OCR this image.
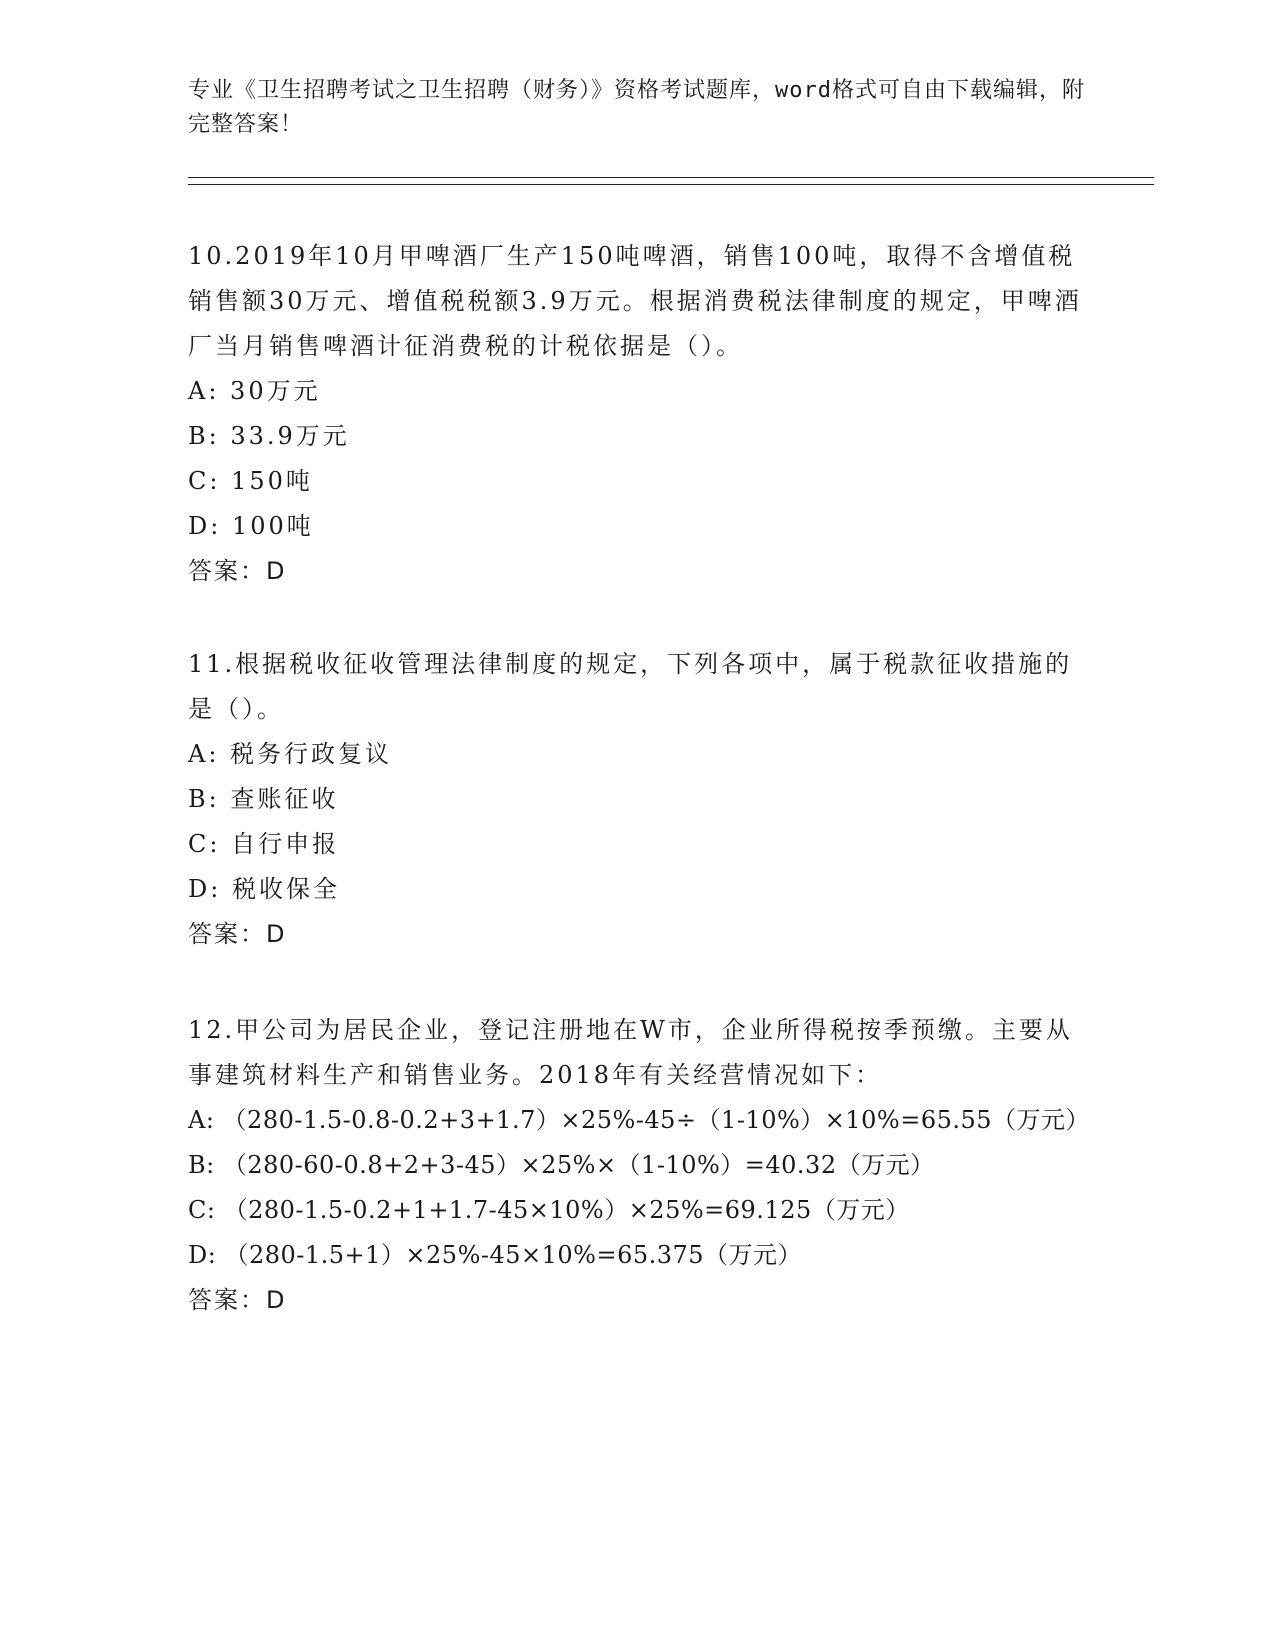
专业《卫生招聘考试之卫生招聘（财务）》资格考试题库，word格式可自由下载编辑，附完整答案！

10.2019年10月甲啤酒厂生产150吨啤酒，销售100吨，取得不含增值税销售额30万元、增值税税额3.9万元。根据消费税法律制度的规定，甲啤酒厂当月销售啤酒计征消费税的计税依据是（）。

A: 30万元

B: 33.9万元

C: 150吨

D: 100吨

答案：D

11.根据税收征收管理法律制度的规定，下列各项中，属于税款征收措施的是（）。

A: 税务行政复议

B: 查账征收

C: 自行申报

D: 税收保全

答案：D

12.甲公司为居民企业，登记注册地在W市，企业所得税按季预缴。主要从事建筑材料生产和销售业务。2018年有关经营情况如下：

A: （280-1.5-0.8-0.2+3+1.7）×25%-45÷（1-10%）×10%=65.55（万元）

B: （280-60-0.8+2+3-45）×25%×（1-10%）=40.32（万元）

C: （280-1.5-0.2+1+1.7-45×10%）×25%=69.125（万元）

D: （280-1.5+1）×25%-45×10%=65.375（万元）

答案：D
